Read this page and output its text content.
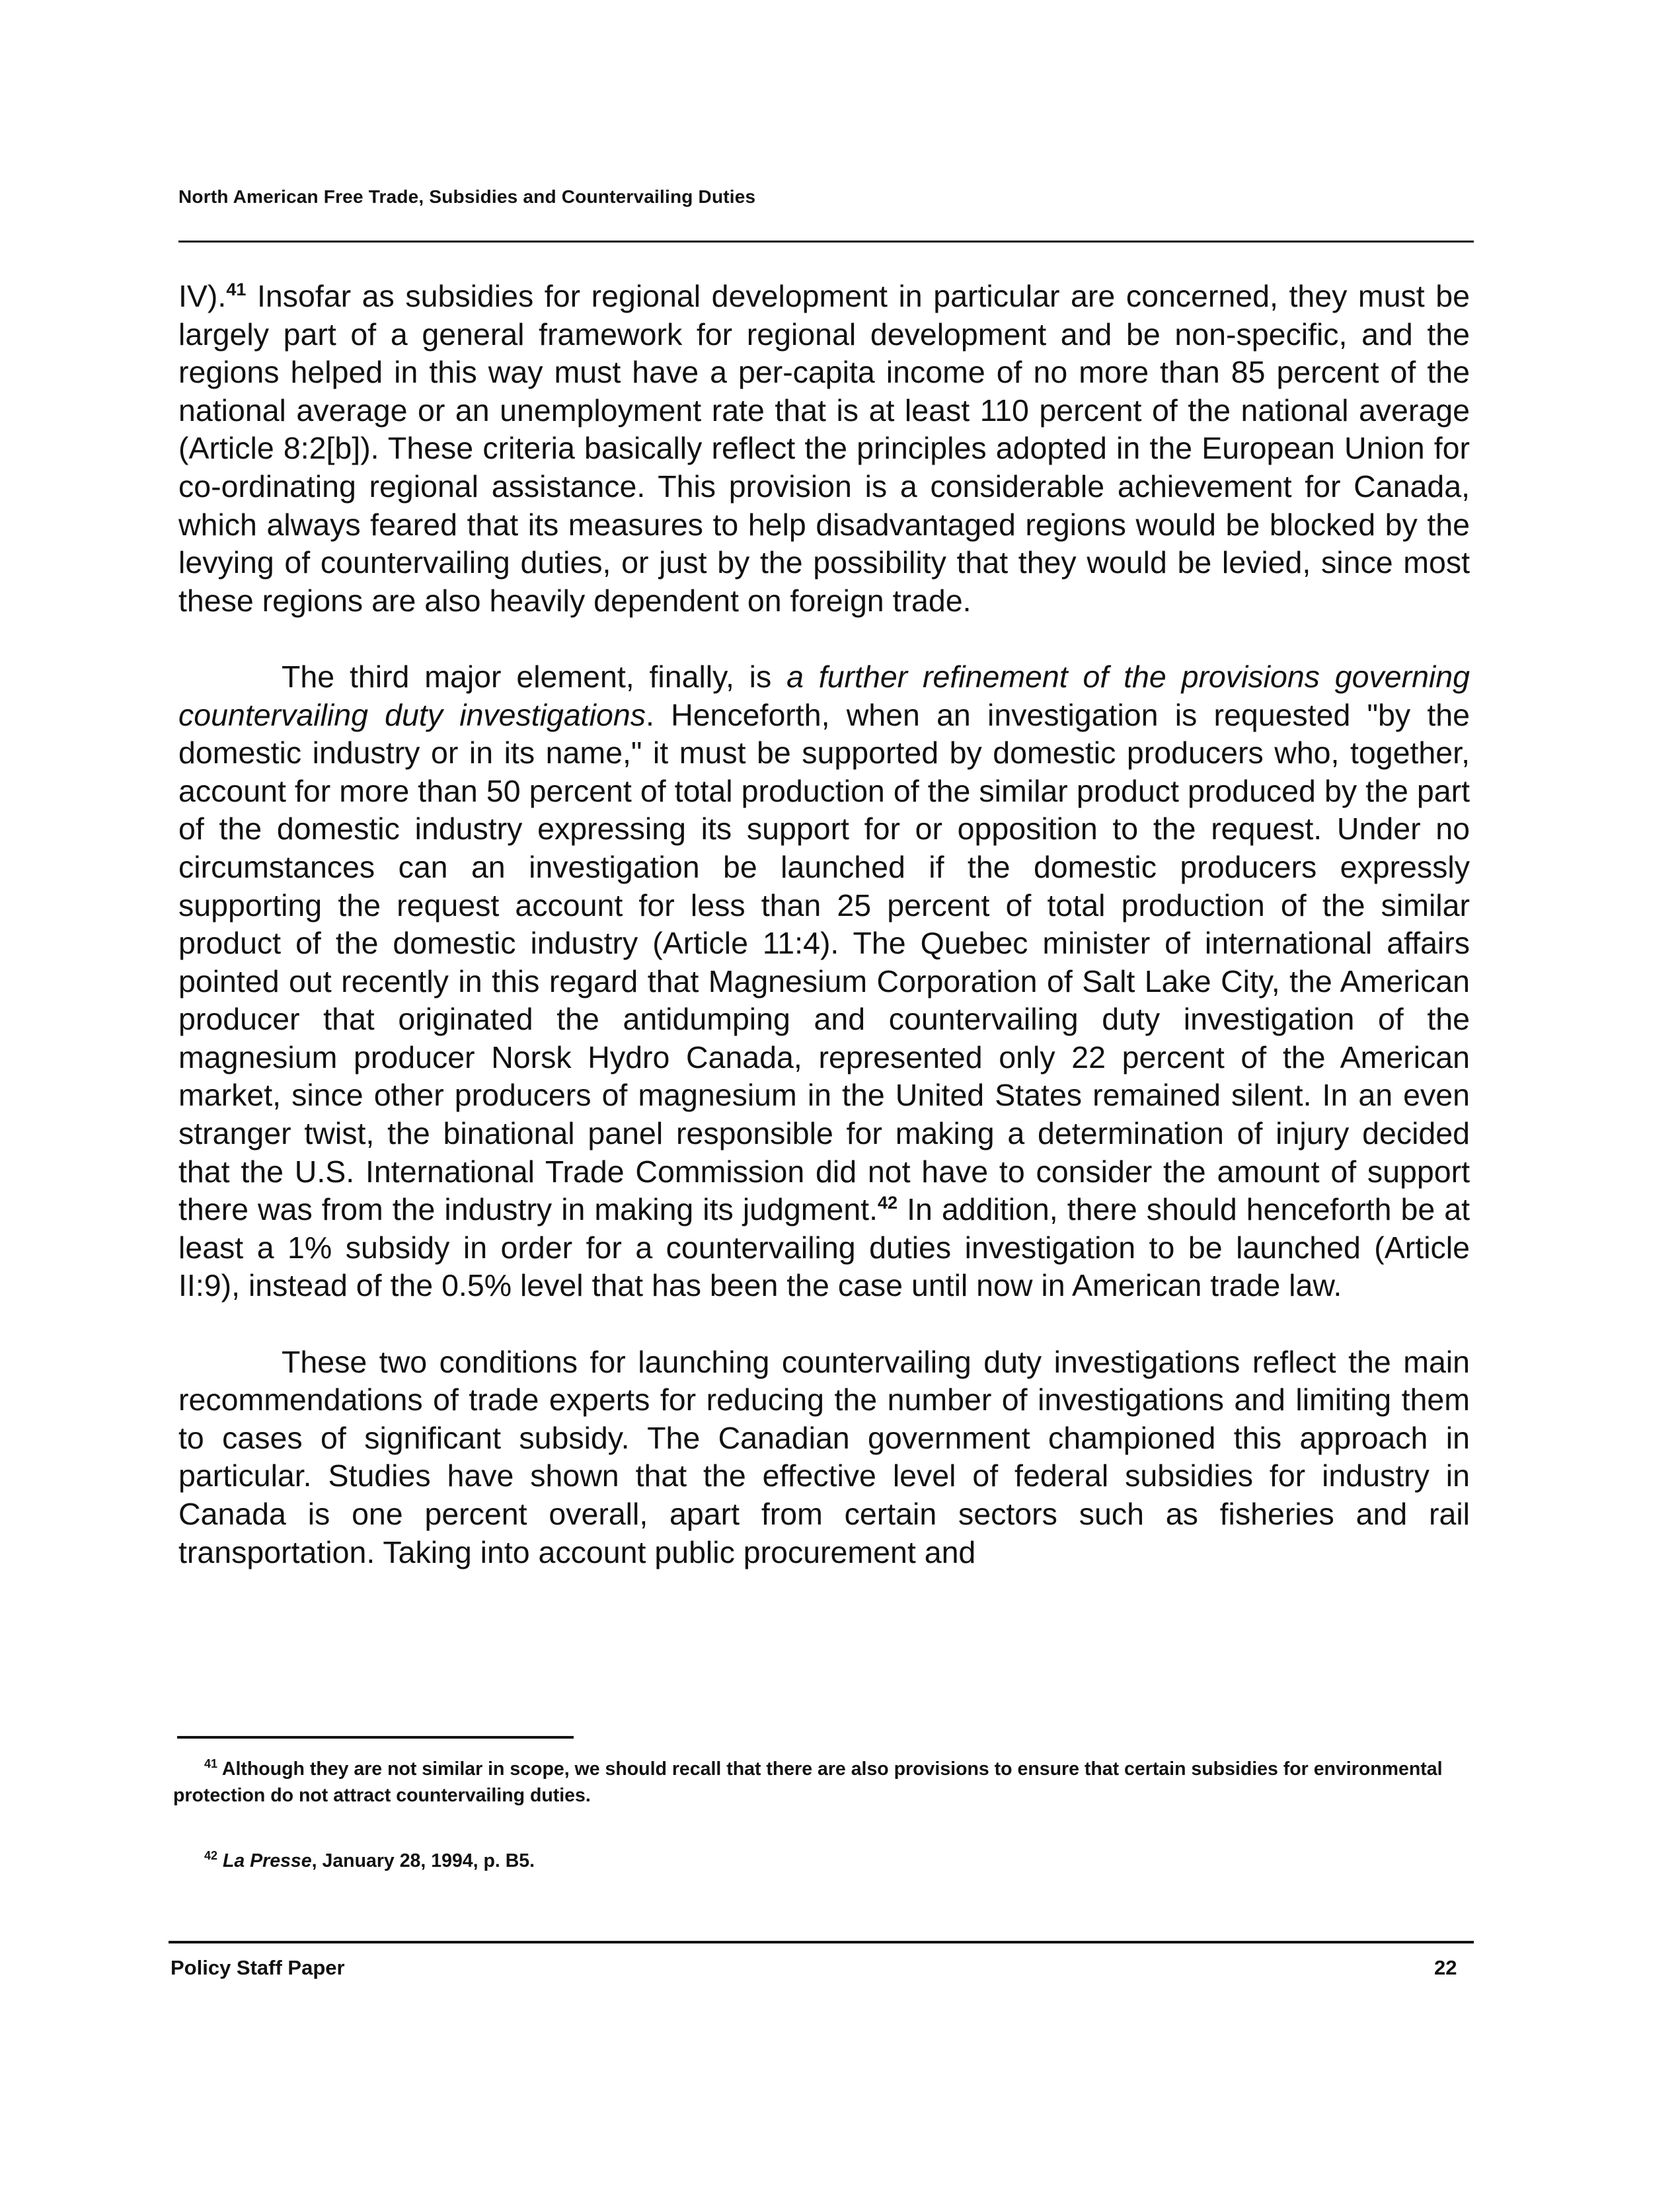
North American Free Trade, Subsidies and Countervailing Duties

IV).$^{41}$ Insofar as subsidies for regional development in particular are concerned, they must be largely part of a general framework for regional development and be non-specific, and the regions helped in this way must have a per-capita income of no more than 85 percent of the national average or an unemployment rate that is at least 110 percent of the national average (Article 8:2[b]). These criteria basically reflect the principles adopted in the European Union for co-ordinating regional assistance. This provision is a considerable achievement for Canada, which always feared that its measures to help disadvantaged regions would be blocked by the levying of countervailing duties, or just by the possibility that they would be levied, since most these regions are also heavily dependent on foreign trade.

The third major element, finally, is a further refinement of the provisions governing countervailing duty investigations. Henceforth, when an investigation is requested "by the domestic industry or in its name," it must be supported by domestic producers who, together, account for more than 50 percent of total production of the similar product produced by the part of the domestic industry expressing its support for or opposition to the request. Under no circumstances can an investigation be launched if the domestic producers expressly supporting the request account for less than 25 percent of total production of the similar product of the domestic industry (Article 11:4). The Quebec minister of international affairs pointed out recently in this regard that Magnesium Corporation of Salt Lake City, the American producer that originated the antidumping and countervailing duty investigation of the magnesium producer Norsk Hydro Canada, represented only 22 percent of the American market, since other producers of magnesium in the United States remained silent. In an even stranger twist, the binational panel responsible for making a determination of injury decided that the U.S. International Trade Commission did not have to consider the amount of support there was from the industry in making its judgment.$^{42}$ In addition, there should henceforth be at least a 1% subsidy in order for a countervailing duties investigation to be launched (Article II:9), instead of the 0.5% level that has been the case until now in American trade law.

These two conditions for launching countervailing duty investigations reflect the main recommendations of trade experts for reducing the number of investigations and limiting them to cases of significant subsidy. The Canadian government championed this approach in particular. Studies have shown that the effective level of federal subsidies for industry in Canada is one percent overall, apart from certain sectors such as fisheries and rail transportation. Taking into account public procurement and

$^{41}$ Although they are not similar in scope, we should recall that there are also provisions to ensure that certain subsidies for environmental protection do not attract countervailing duties.

$^{42}$ La Presse, January 28, 1994, p. B5.

Policy Staff Paper	22
